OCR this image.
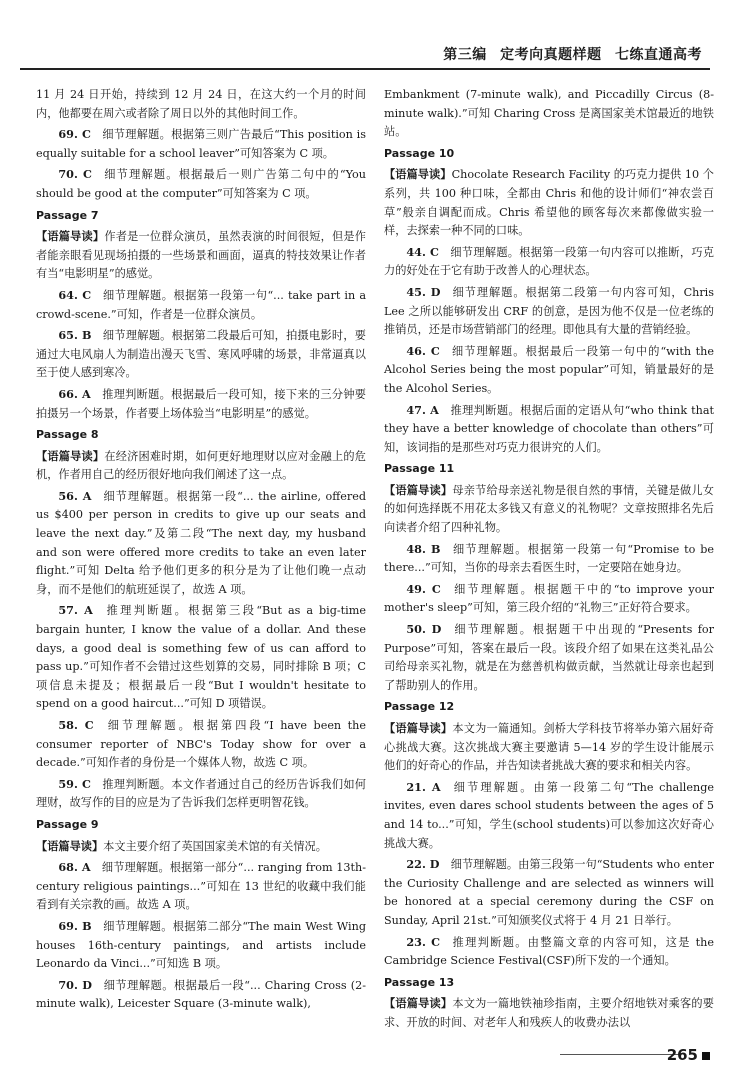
第三编 定考向真题样题 七练直通高考

11 月 24 日开始，持续到 12 月 24 日，在这大约一个月的时间内，他都要在周六或者除了周日以外的其他时间工作。

69. C  细节理解题。根据第三则广告最后“This position is equally suitable for a school leaver”可知答案为 C 项。

70. C  细节理解题。根据最后一则广告第二句中的“You should be good at the computer”可知答案为 C 项。

Passage 7

【语篇导读】作者是一位群众演员，虽然表演的时间很短，但是作者能亲眼看见现场拍摄的一些场景和画面，逼真的特技效果让作者有当“电影明星”的感觉。

64. C  细节理解题。根据第一段第一句“... take part in a crowd-scene.”可知，作者是一位群众演员。

65. B  细节理解题。根据第二段最后可知，拍摄电影时，要通过大电风扇人为制造出漫天飞雪、寒风呼啸的场景，非常逼真以至于使人感到寒冷。

66. A  推理判断题。根据最后一段可知，接下来的三分钟要拍摄另一个场景，作者要上场体验当“电影明星”的感觉。

Passage 8

【语篇导读】在经济困难时期，如何更好地理财以应对金融上的危机，作者用自己的经历很好地向我们阐述了这一点。

56. A  细节理解题。根据第一段“... the airline, offered us $400 per person in credits to give up our seats and leave the next day.”及第二段“The next day, my husband and son were offered more credits to take an even later flight.”可知 Delta 给予他们更多的积分是为了让他们晚一点动身，而不是他们的航班延误了，故选 A 项。

57. A  推理判断题。根据第三段“But as a big-time bargain hunter, I know the value of a dollar. And these days, a good deal is something few of us can afford to pass up.”可知作者不会错过这些划算的交易，同时排除 B 项；C 项信息未提及；根据最后一段“But I wouldn't hesitate to spend on a good haircut...”可知 D 项错误。

58. C  细节理解题。根据第四段“I have been the consumer reporter of NBC's Today show for over a decade.”可知作者的身份是一个媒体人物，故选 C 项。

59. C  推理判断题。本文作者通过自己的经历告诉我们如何理财，故写作的目的应是为了告诉我们怎样更明智花钱。

Passage 9

【语篇导读】本文主要介绍了英国国家美术馆的有关情况。

68. A  细节理解题。根据第一部分“... ranging from 13th-century religious paintings...”可知在 13 世纪的收藏中我们能看到有关宗教的画。故选 A 项。

69. B  细节理解题。根据第二部分“The main West Wing houses 16th-century paintings, and artists include Leonardo da Vinci...”可知选 B 项。

70. D  细节理解题。根据最后一段“... Charing Cross (2-minute walk), Leicester Square (3-minute walk),

Embankment (7-minute walk), and Piccadilly Circus (8-minute walk).”可知 Charing Cross 是离国家美术馆最近的地铁站。

Passage 10

【语篇导读】Chocolate Research Facility 的巧克力提供 10 个系列，共 100 种口味，全都由 Chris 和他的设计师们“神农尝百草”般亲自调配而成。Chris 希望他的顾客每次来都像做实验一样，去探索一种不同的口味。

44. C  细节理解题。根据第一段第一句内容可以推断，巧克力的好处在于它有助于改善人的心理状态。

45. D  细节理解题。根据第二段第一句内容可知，Chris Lee 之所以能够研发出 CRF 的创意，是因为他不仅是一位老练的推销员，还是市场营销部门的经理。即他具有大量的营销经验。

46. C  细节理解题。根据最后一段第一句中的“with the Alcohol Series being the most popular”可知，销量最好的是 the Alcohol Series。

47. A  推理判断题。根据后面的定语从句“who think that they have a better knowledge of chocolate than others”可知，该词指的是那些对巧克力很讲究的人们。

Passage 11

【语篇导读】母亲节给母亲送礼物是很自然的事情，关键是做儿女的如何选择既不用花太多钱又有意义的礼物呢？文章按照排名先后向读者介绍了四种礼物。

48. B  细节理解题。根据第一段第一句“Promise to be there...”可知，当你的母亲去看医生时，一定要陪在她身边。

49. C  细节理解题。根据题干中的“to improve your mother's sleep”可知，第三段介绍的“礼物三”正好符合要求。

50. D  细节理解题。根据题干中出现的“Presents for Purpose”可知，答案在最后一段。该段介绍了如果在这类礼品公司给母亲买礼物，就是在为慈善机构做贡献，当然就让母亲也起到了帮助别人的作用。

Passage 12

【语篇导读】本文为一篇通知。剑桥大学科技节将举办第六届好奇心挑战大赛。这次挑战大赛主要邀请 5—14 岁的学生设计能展示他们的好奇心的作品，并告知读者挑战大赛的要求和相关内容。

21. A  细节理解题。由第一段第二句“The challenge invites, even dares school students between the ages of 5 and 14 to...”可知，学生(school students)可以参加这次好奇心挑战大赛。

22. D  细节理解题。由第三段第一句“Students who enter the Curiosity Challenge and are selected as winners will be honored at a special ceremony during the CSF on Sunday, April 21st.”可知颁奖仪式将于 4 月 21 日举行。

23. C  推理判断题。由整篇文章的内容可知，这是 the Cambridge Science Festival(CSF)所下发的一个通知。

Passage 13

【语篇导读】本文为一篇地铁袖珍指南，主要介绍地铁对乘客的要求、开放的时间、对老年人和残疾人的收费办法以

265
